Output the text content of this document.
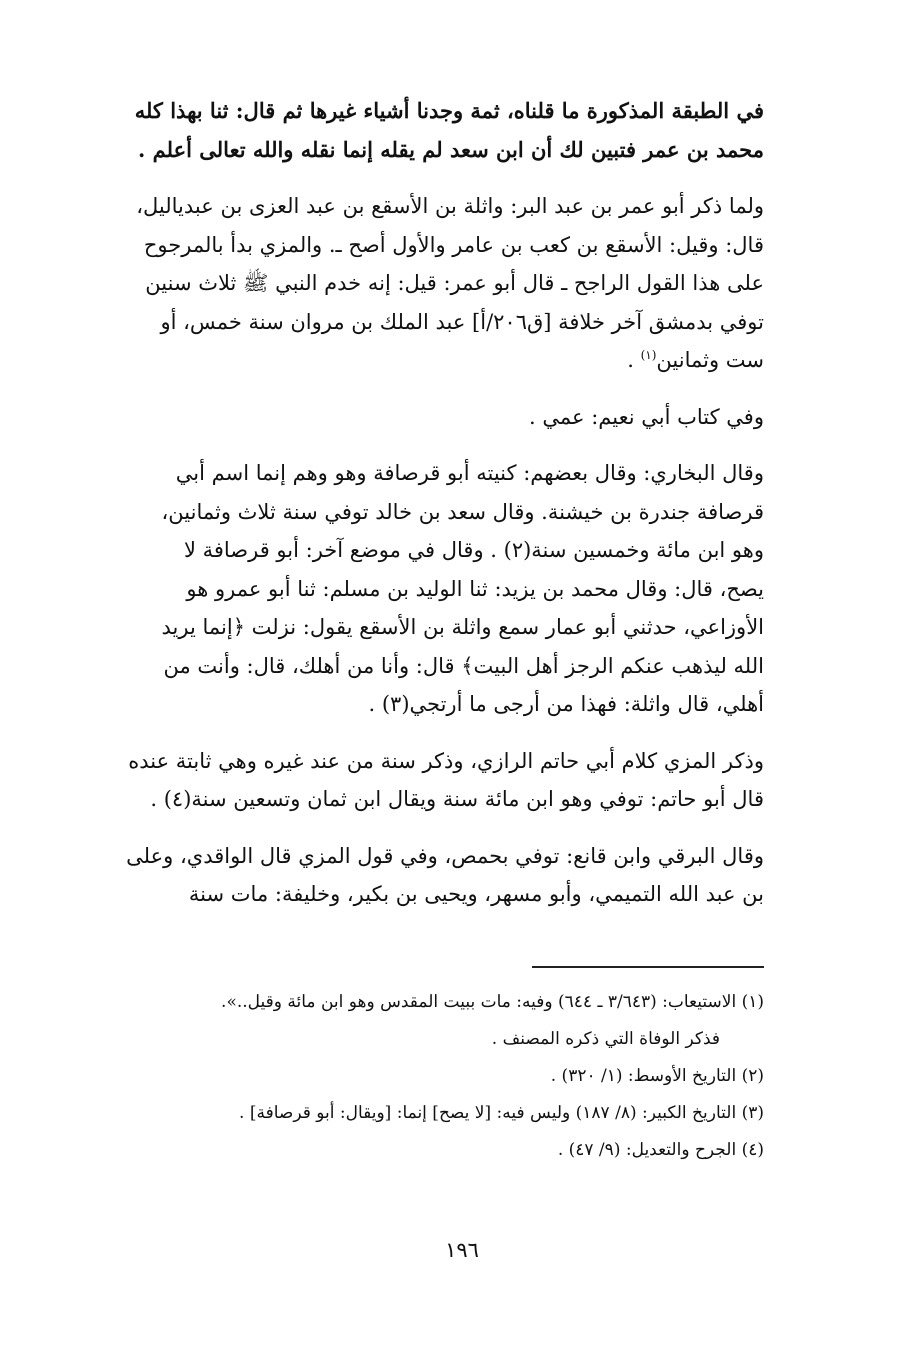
في الطبقة المذكورة ما قلناه، ثمة وجدنا أشياء غيرها ثم قال: ثنا بهذا كله
محمد بن عمر فتبين لك أن ابن سعد لم يقله إنما نقله والله تعالى أعلم .

ولما ذكر أبو عمر بن عبد البر: واثلة بن الأسقع بن عبد العزى بن عبدياليل،
قال: وقيل: الأسقع بن كعب بن عامر والأول أصح ـ. والمزي بدأ بالمرجوح
على هذا القول الراجح ـ قال أبو عمر: قيل: إنه خدم النبي ﷺ ثلاث سنين
توفي بدمشق آخر خلافة [ق٢٠٦/أ] عبد الملك بن مروان سنة خمس، أو
ست وثمانين$^{(١)}$ .

وفي كتاب أبي نعيم: عمي .

وقال البخاري: وقال بعضهم: كنيته أبو قرصافة وهو وهم إنما اسم أبي
قرصافة جندرة بن خيشنة. وقال سعد بن خالد توفي سنة ثلاث وثمانين،
وهو ابن مائة وخمسين سنة(٢) . وقال في موضع آخر: أبو قرصافة لا
يصح، قال: وقال محمد بن يزيد: ثنا الوليد بن مسلم: ثنا أبو عمرو هو
الأوزاعي، حدثني أبو عمار سمع واثلة بن الأسقع يقول: نزلت ﴿إنما يريد
الله ليذهب عنكم الرجز أهل البيت﴾ قال: وأنا من أهلك، قال: وأنت من
أهلي، قال واثلة: فهذا من أرجى ما أرتجي(٣) .

وذكر المزي كلام أبي حاتم الرازي، وذكر سنة من عند غيره وهي ثابتة عنده
قال أبو حاتم: توفي وهو ابن مائة سنة ويقال ابن ثمان وتسعين سنة(٤) .

وقال البرقي وابن قانع: توفي بحمص، وفي قول المزي قال الواقدي، وعلى
بن عبد الله التميمي، وأبو مسهر، ويحيى بن بكير، وخليفة: مات سنة

(١) الاستيعاب: (٣/٦٤٣ ـ ٦٤٤) وفيه: مات ببيت المقدس وهو ابن مائة وقيل..».
فذكر الوفاة التي ذكره المصنف .
(٢) التاريخ الأوسط: (١/ ٣٢٠) .
(٣) التاريخ الكبير: (٨/ ١٨٧) وليس فيه: [لا يصح] إنما: [ويقال: أبو قرصافة] .
(٤) الجرح والتعديل: (٩/ ٤٧) .
١٩٦
